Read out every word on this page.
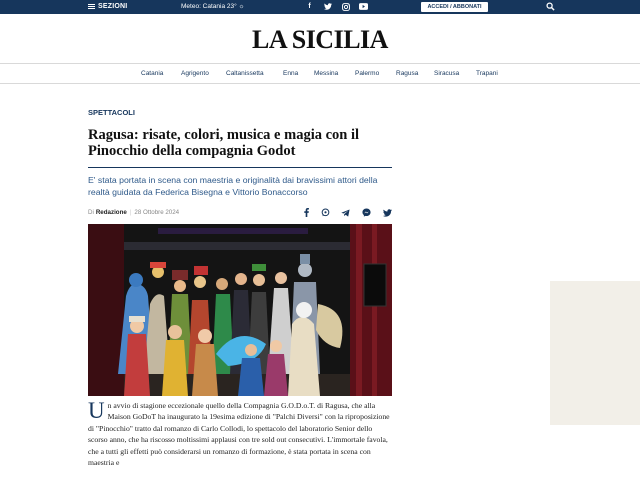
SEZIONI	Meteo: Catania 23° ☼	f	ACCEDI / ABBONATI
LA SICILIA
Catania	Agrigento	Caltanissetta	Enna Messina	Palermo	Ragusa Siracusa	Trapani
SPETTACOLI
Ragusa: risate, colori, musica e magia con il Pinocchio della compagnia Godot

E' stata portata in scena con maestria e originalità dai bravissimi attori della realtà guidata da Federica Bisegna e Vittorio Bonaccorso

Di Redazione | 28 Ottobre 2024
U n avvio di stagione eccezionale quello della Compagnia G.O.D.o.T. di Ragusa, che alla Maison GoDoT ha inaugurato la 19esima edizione di "Palchi Diversi" con la riproposizione di "Pinocchio" tratto dal romanzo di Carlo Collodi, lo spettacolo del laboratorio Senior dello scorso anno, che ha riscosso moltissimi applausi con tre sold out consecutivi. L'immortale favola, che a tutti gli effetti può considerarsi un romanzo di formazione, è stata portata in scena con maestria e
